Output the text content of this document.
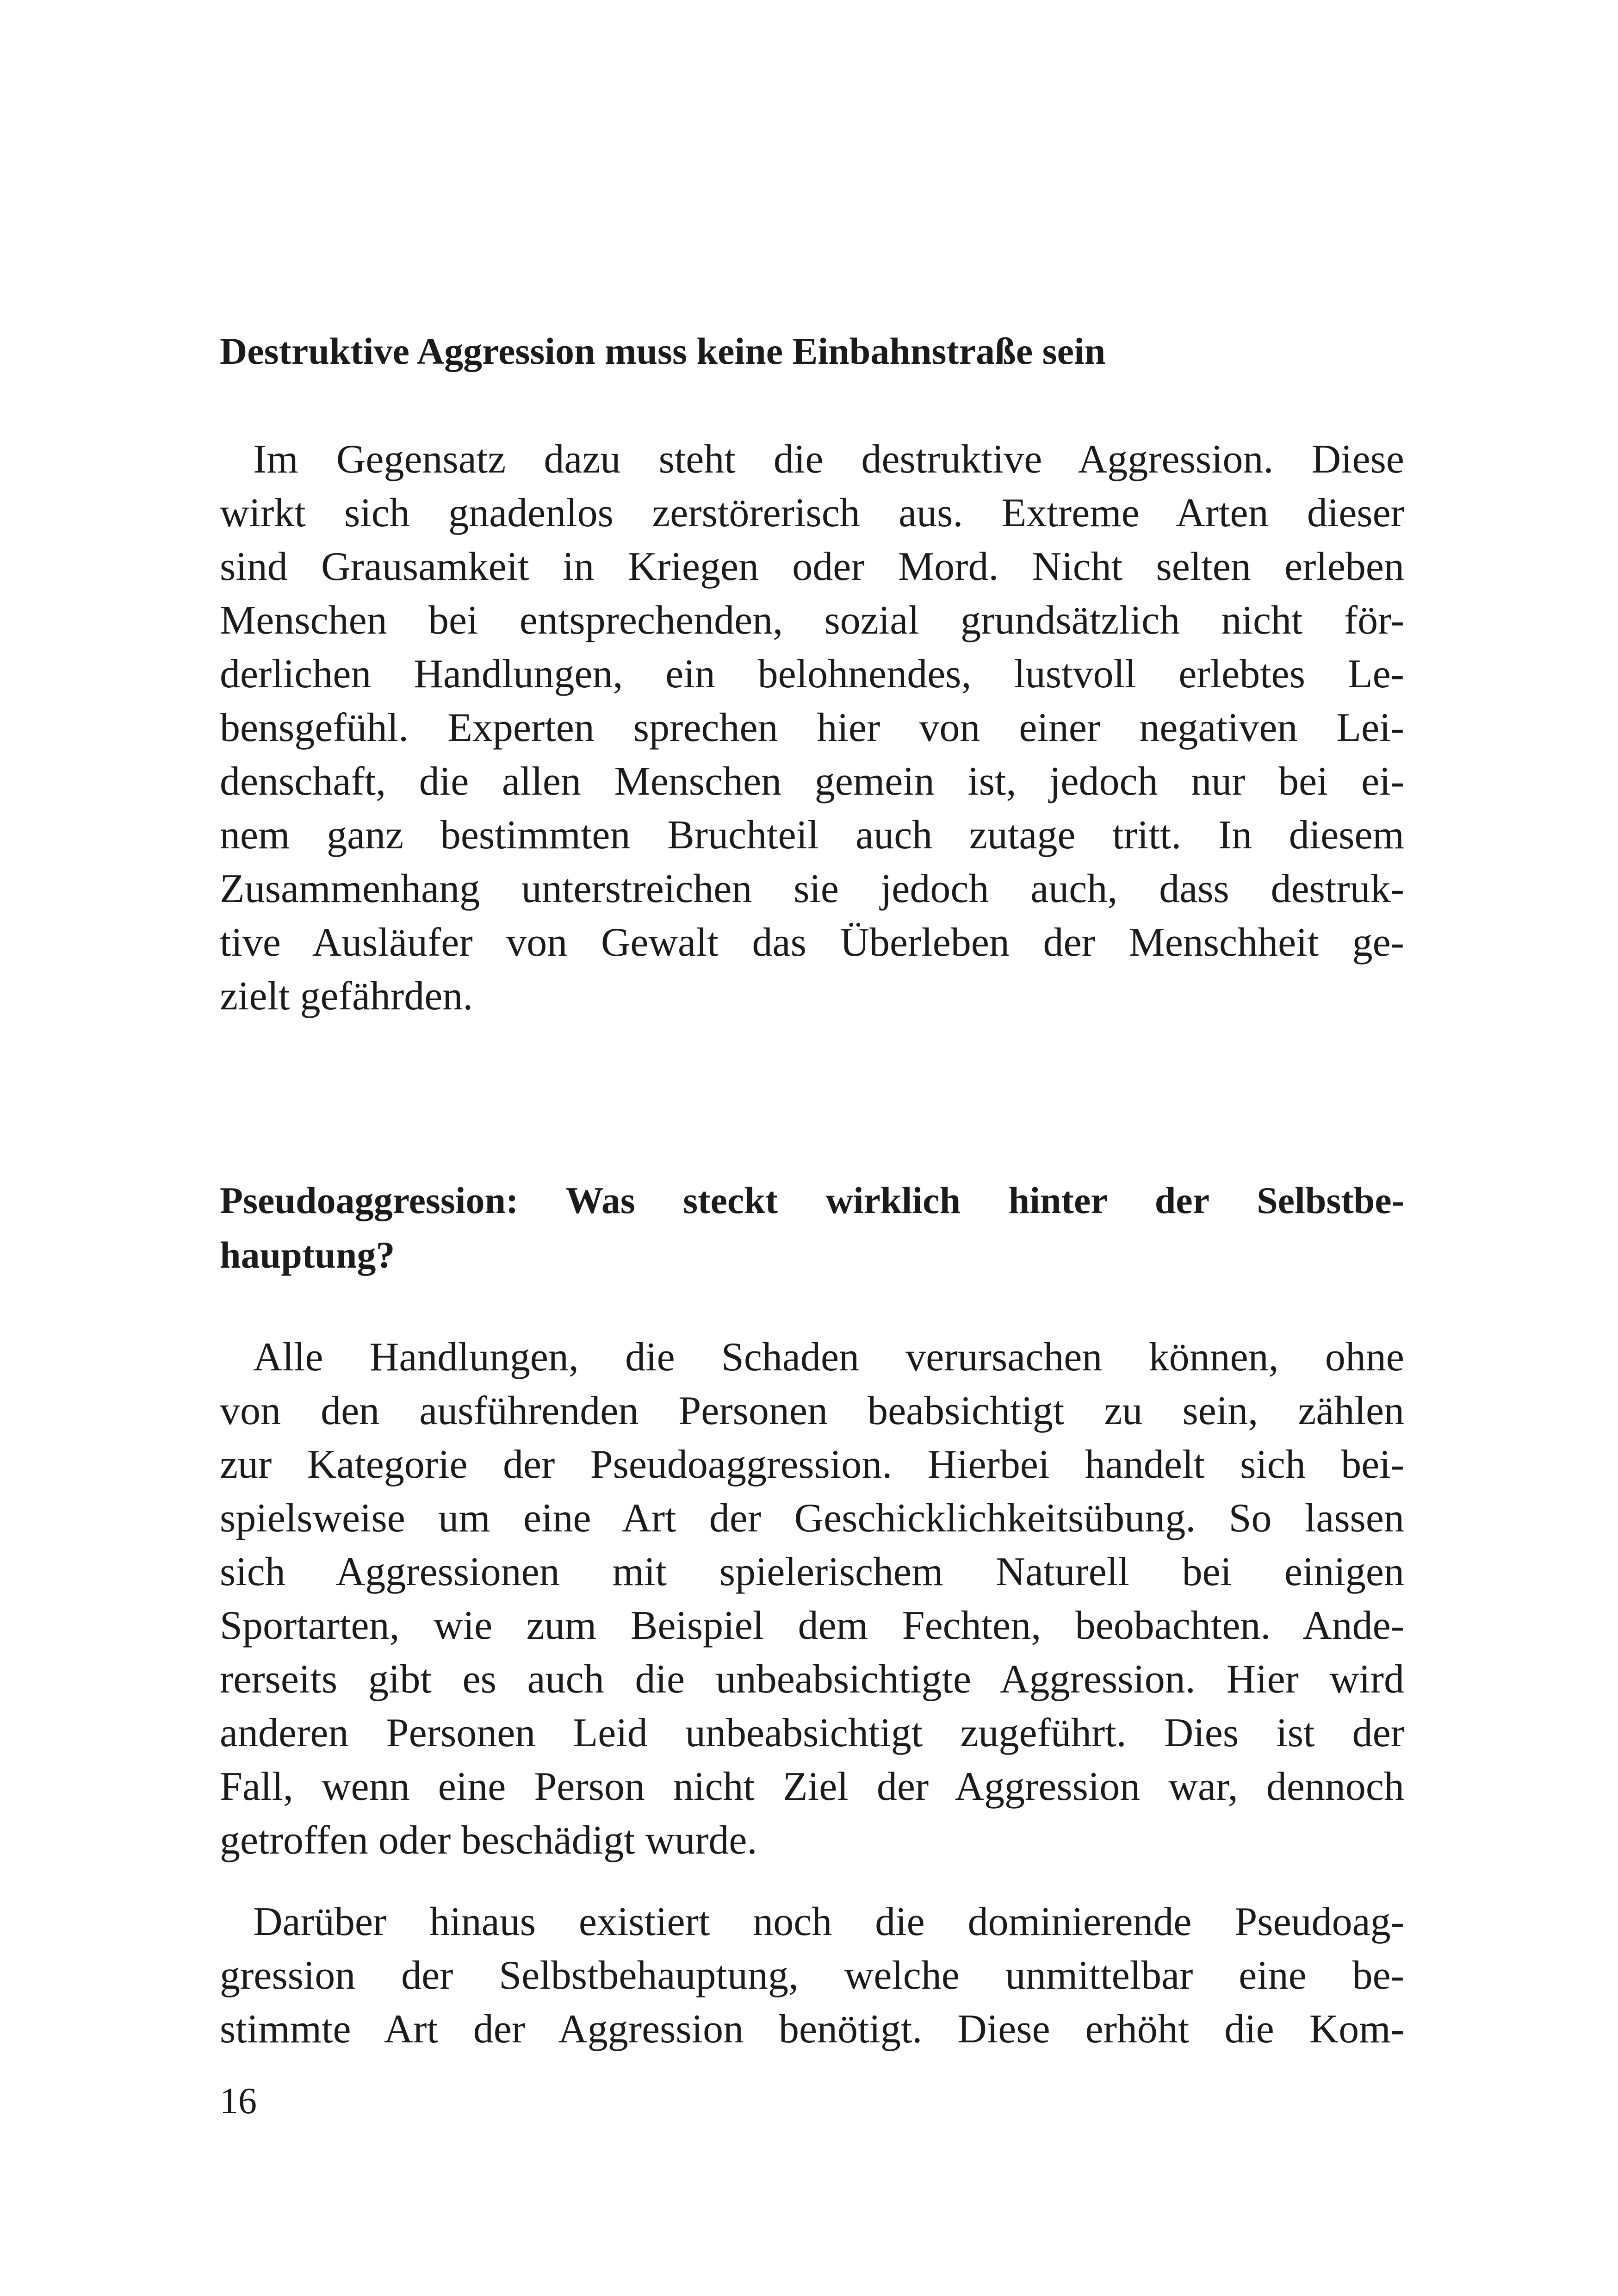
Destruktive Aggression muss keine Einbahnstraße sein

Im Gegensatz dazu steht die destruktive Aggression. Diese
wirkt sich gnadenlos zerstörerisch aus. Extreme Arten dieser
sind Grausamkeit in Kriegen oder Mord. Nicht selten erleben
Menschen bei entsprechenden, sozial grundsätzlich nicht för-
derlichen Handlungen, ein belohnendes, lustvoll erlebtes Le-
bensgefühl. Experten sprechen hier von einer negativen Lei-
denschaft, die allen Menschen gemein ist, jedoch nur bei ei-
nem ganz bestimmten Bruchteil auch zutage tritt. In diesem
Zusammenhang unterstreichen sie jedoch auch, dass destruk-
tive Ausläufer von Gewalt das Überleben der Menschheit ge-
zielt gefährden.

Pseudoaggression: Was steckt wirklich hinter der Selbstbe-
hauptung?

Alle Handlungen, die Schaden verursachen können, ohne
von den ausführenden Personen beabsichtigt zu sein, zählen
zur Kategorie der Pseudoaggression. Hierbei handelt sich bei-
spielsweise um eine Art der Geschicklichkeitsübung. So lassen
sich Aggressionen mit spielerischem Naturell bei einigen
Sportarten, wie zum Beispiel dem Fechten, beobachten. Ande-
rerseits gibt es auch die unbeabsichtigte Aggression. Hier wird
anderen Personen Leid unbeabsichtigt zugeführt. Dies ist der
Fall, wenn eine Person nicht Ziel der Aggression war, dennoch
getroffen oder beschädigt wurde.

Darüber hinaus existiert noch die dominierende Pseudoag-
gression der Selbstbehauptung, welche unmittelbar eine be-
stimmte Art der Aggression benötigt. Diese erhöht die Kom-

16
